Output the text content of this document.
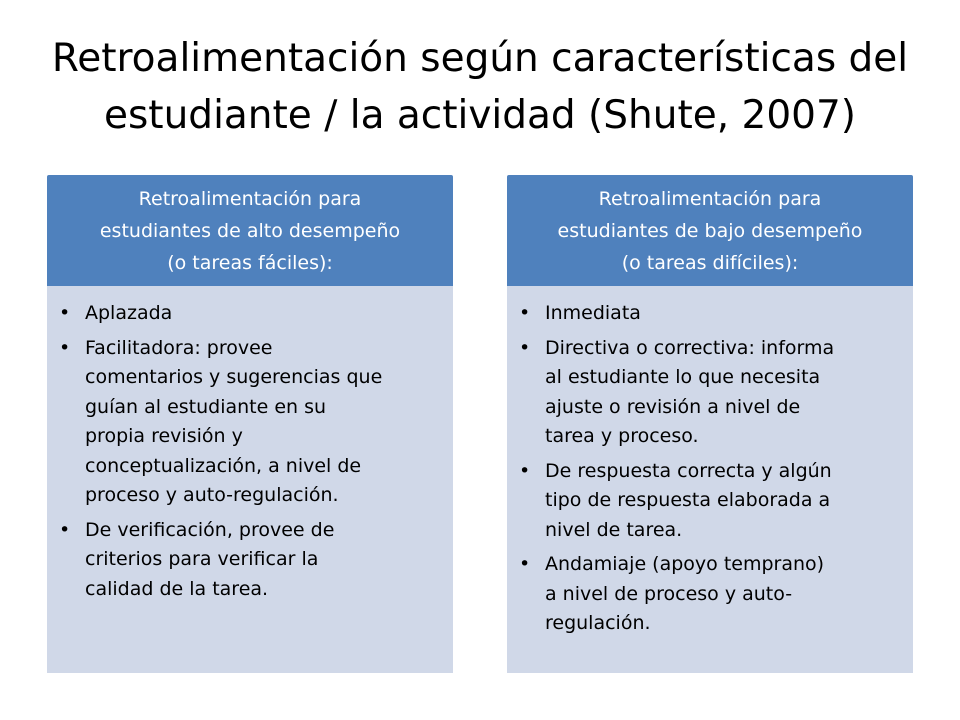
Retroalimentación según características del
estudiante / la actividad (Shute, 2007)
Retroalimentación para
estudiantes de alto desempeño
(o tareas fáciles):
• Aplazada
• Facilitadora: provee
comentarios y sugerencias que
guían al estudiante en su
propia revisión y
conceptualización, a nivel de
proceso y auto-regulación.
• De verificación, provee de
criterios para verificar la
calidad de la tarea.
Retroalimentación para
estudiantes de bajo desempeño
(o tareas difíciles):
• Inmediata
• Directiva o correctiva: informa
al estudiante lo que necesita
ajuste o revisión a nivel de
tarea y proceso.
• De respuesta correcta y algún
tipo de respuesta elaborada a
nivel de tarea.
• Andamiaje (apoyo temprano)
a nivel de proceso y auto-
regulación.
